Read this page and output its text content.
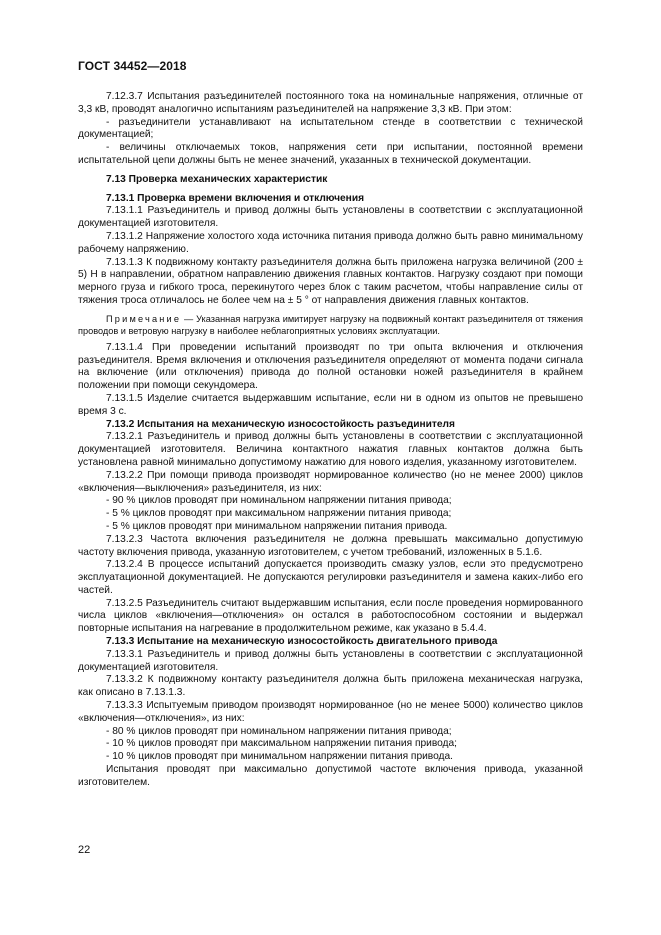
ГОСТ 34452—2018

7.12.3.7 Испытания разъединителей постоянного тока на номинальные напряжения, отличные от 3,3 кВ, проводят аналогично испытаниям разъединителей на напряжение 3,3 кВ. При этом:

- разъединители устанавливают на испытательном стенде в соответствии с технической документацией;

- величины отключаемых токов, напряжения сети при испытании, постоянной времени испытательной цепи должны быть не менее значений, указанных в технической документации.

7.13 Проверка механических характеристик

7.13.1 Проверка времени включения и отключения

7.13.1.1 Разъединитель и привод должны быть установлены в соответствии с эксплуатационной документацией изготовителя.

7.13.1.2 Напряжение холостого хода источника питания привода должно быть равно минимальному рабочему напряжению.

7.13.1.3 К подвижному контакту разъединителя должна быть приложена нагрузка величиной (200 ± 5) Н в направлении, обратном направлению движения главных контактов. Нагрузку создают при помощи мерного груза и гибкого троса, перекинутого через блок с таким расчетом, чтобы направление силы от тяжения троса отличалось не более чем на ± 5 ° от направления движения главных контактов.

Примечание — Указанная нагрузка имитирует нагрузку на подвижный контакт разъединителя от тяжения проводов и ветровую нагрузку в наиболее неблагоприятных условиях эксплуатации.

7.13.1.4 При проведении испытаний производят по три опыта включения и отключения разъединителя. Время включения и отключения разъединителя определяют от момента подачи сигнала на включение (или отключения) привода до полной остановки ножей разъединителя в крайнем положении при помощи секундомера.

7.13.1.5 Изделие считается выдержавшим испытание, если ни в одном из опытов не превышено время 3 с.

7.13.2 Испытания на механическую износостойкость разъединителя

7.13.2.1 Разъединитель и привод должны быть установлены в соответствии с эксплуатационной документацией изготовителя. Величина контактного нажатия главных контактов должна быть установлена равной минимально допустимому нажатию для нового изделия, указанному изготовителем.

7.13.2.2 При помощи привода производят нормированное количество (но не менее 2000) циклов «включения—выключения» разъединителя, из них:

- 90 % циклов проводят при номинальном напряжении питания привода;

- 5 % циклов проводят при максимальном напряжении питания привода;

- 5 % циклов проводят при минимальном напряжении питания привода.

7.13.2.3 Частота включения разъединителя не должна превышать максимально допустимую частоту включения привода, указанную изготовителем, с учетом требований, изложенных в 5.1.6.

7.13.2.4 В процессе испытаний допускается производить смазку узлов, если это предусмотрено эксплуатационной документацией. Не допускаются регулировки разъединителя и замена каких-либо его частей.

7.13.2.5 Разъединитель считают выдержавшим испытания, если после проведения нормированного числа циклов «включения—отключения» он остался в работоспособном состоянии и выдержал повторные испытания на нагревание в продолжительном режиме, как указано в 5.4.4.

7.13.3 Испытание на механическую износостойкость двигательного привода

7.13.3.1 Разъединитель и привод должны быть установлены в соответствии с эксплуатационной документацией изготовителя.

7.13.3.2 К подвижному контакту разъединителя должна быть приложена механическая нагрузка, как описано в 7.13.1.3.

7.13.3.3 Испытуемым приводом производят нормированное (но не менее 5000) количество циклов «включения—отключения», из них:

- 80 % циклов проводят при номинальном напряжении питания привода;

- 10 % циклов проводят при максимальном напряжении питания привода;

- 10 % циклов проводят при минимальном напряжении питания привода.

Испытания проводят при максимально допустимой частоте включения привода, указанной изготовителем.

22
